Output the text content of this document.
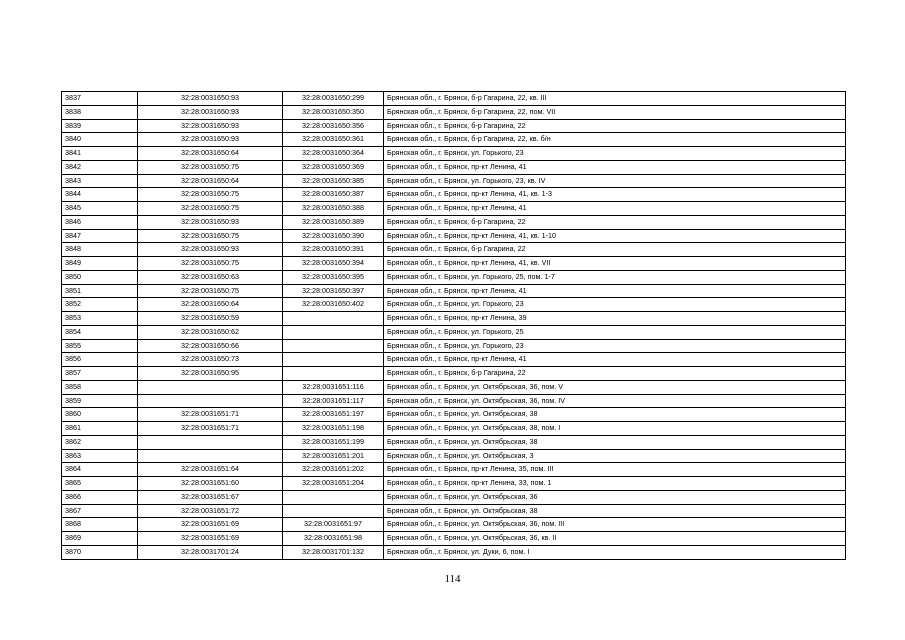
3837	32:28:0031650:93	32:28:0031650:299	Брянская обл., г. Брянск, б-р Гагарина, 22, кв. III
3838	32:28:0031650:93	32:28:0031650:350	Брянская обл., г. Брянск, б-р Гагарина, 22, пом. VII
3839	32:28:0031650:93	32:28:0031650:356	Брянская обл., г. Брянск, б-р Гагарина, 22
3840	32:28:0031650:93	32:28:0031650:361	Брянская обл., г. Брянск, б-р Гагарина, 22, кв. б/н
3841	32:28:0031650:64	32:28:0031650:364	Брянская обл., г. Брянск, ул. Горького, 23
3842	32:28:0031650:75	32:28:0031650:369	Брянская обл., г. Брянск, пр-кт Ленина, 41
3843	32:28:0031650:64	32:28:0031650:385	Брянская обл., г. Брянск, ул. Горького, 23, кв. IV
3844	32:28:0031650:75	32:28:0031650:387	Брянская обл., г. Брянск, пр-кт Ленина, 41, кв. 1-3
3845	32:28:0031650:75	32:28:0031650:388	Брянская обл., г. Брянск, пр-кт Ленина, 41
3846	32:28:0031650:93	32:28:0031650:389	Брянская обл., г. Брянск, б-р Гагарина, 22
3847	32:28:0031650:75	32:28:0031650:390	Брянская обл., г. Брянск, пр-кт Ленина, 41, кв. 1-10
3848	32:28:0031650:93	32:28:0031650:391	Брянская обл., г. Брянск, б-р Гагарина, 22
3849	32:28:0031650:75	32:28:0031650:394	Брянская обл., г. Брянск, пр-кт Ленина, 41, кв. VII
3850	32:28:0031650:63	32:28:0031650:395	Брянская обл., г. Брянск, ул. Горького, 25, пом. 1-7
3851	32:28:0031650:75	32:28:0031650:397	Брянская обл., г. Брянск, пр-кт Ленина, 41
3852	32:28:0031650:64	32:28:0031650:402	Брянская обл., г. Брянск, ул. Горького, 23
3853	32:28:0031650:59		Брянская обл., г. Брянск, пр-кт Ленина, 39
3854	32:28:0031650:62		Брянская обл., г. Брянск, ул. Горького, 25
3855	32:28:0031650:66		Брянская обл., г. Брянск, ул. Горького, 23
3856	32:28:0031650:73		Брянская обл., г. Брянск, пр-кт Ленина, 41
3857	32:28:0031650:95		Брянская обл., г. Брянск, б-р Гагарина, 22
3858		32:28:0031651:116	Брянская обл., г. Брянск, ул. Октябрьская, 36, пом. V
3859		32:28:0031651:117	Брянская обл., г. Брянск, ул. Октябрьская, 36, пом. IV
3860	32:28:0031651:71	32:28:0031651:197	Брянская обл., г. Брянск, ул. Октябрьская, 38
3861	32:28:0031651:71	32:28:0031651:198	Брянская обл., г. Брянск, ул. Октябрьская, 38, пом. I
3862		32:28:0031651:199	Брянская обл., г. Брянск, ул. Октябрьская, 38
3863		32:28:0031651:201	Брянская обл., г. Брянск, ул. Октябрьская, 3
3864	32:28:0031651:64	32:28:0031651:202	Брянская обл., г. Брянск, пр-кт Ленина, 35, пом. III
3865	32:28:0031651:60	32:28:0031651:204	Брянская обл., г. Брянск, пр-кт Ленина, 33, пом. 1
3866	32:28:0031651:67		Брянская обл., г. Брянск, ул. Октябрьская, 36
3867	32:28:0031651:72		Брянская обл., г. Брянск, ул. Октябрьская, 38
3868	32:28:0031651:69	32:28:0031651:97	Брянская обл., г. Брянск, ул. Октябрьская, 36, пом. III
3869	32:28:0031651:69	32:28:0031651:98	Брянская обл., г. Брянск, ул. Октябрьская, 36, кв. II
3870	32:28:0031701:24	32:28:0031701:132	Брянская обл., г. Брянск, ул. Дуки, 6, пом. I
114
